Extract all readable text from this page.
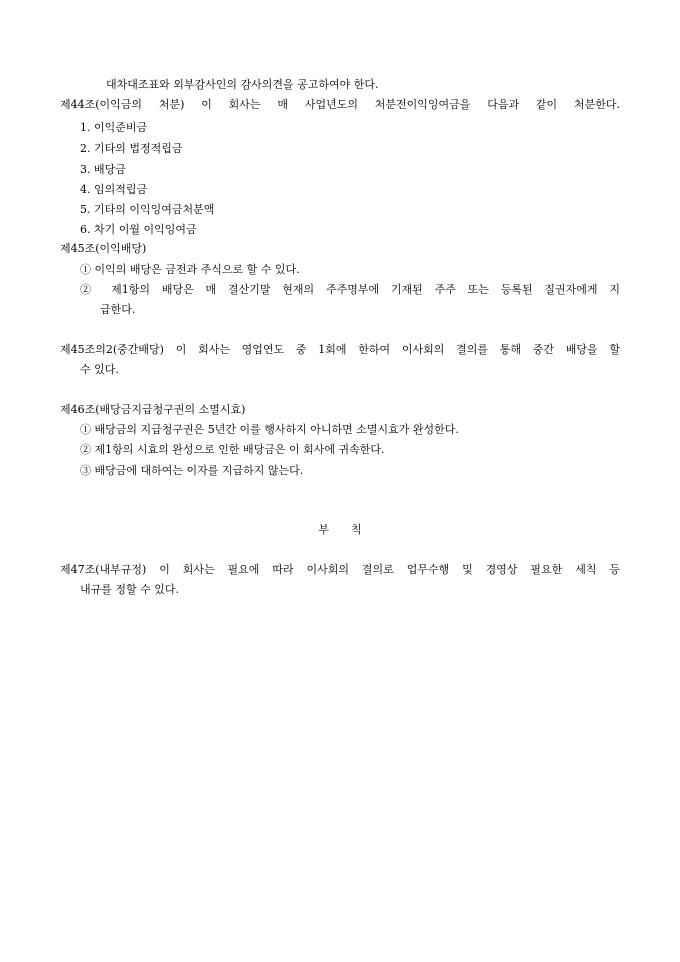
대차대조표와 외부감사인의 감사의견을 공고하여야 한다.
제44조(이익금의 처분) 이 회사는 매 사업년도의 처분전이익잉여금을 다음과 같이 처분한다.
1. 이익준비금
2. 기타의 법정적립금
3. 배당금
4. 임의적립금
5. 기타의 이익잉여금처분액
6. 차기 이월 이익잉여금
제45조(이익배당)
① 이익의 배당은 금전과 주식으로 할 수 있다.
② 제1항의 배당은 매 결산기말 현재의 주주명부에 기재된 주주 또는 등록된 질권자에게 지
급한다.
제45조의2(중간배당) 이 회사는 영업연도 중 1회에 한하여 이사회의 결의를 통해 중간 배당을 할
수 있다.
제46조(배당금지급청구권의 소멸시효)
① 배당금의 지급청구권은 5년간 이를 행사하지 아니하면 소멸시효가 완성한다.
② 제1항의 시효의 완성으로 인한 배당금은 이 회사에 귀속한다.
③ 배당금에 대하여는 이자를 지급하지 않는다.
부칙
제47조(내부규정) 이 회사는 필요에 따라 이사회의 결의로 업무수행 및 경영상 필요한 세칙 등
내규를 정할 수 있다.
